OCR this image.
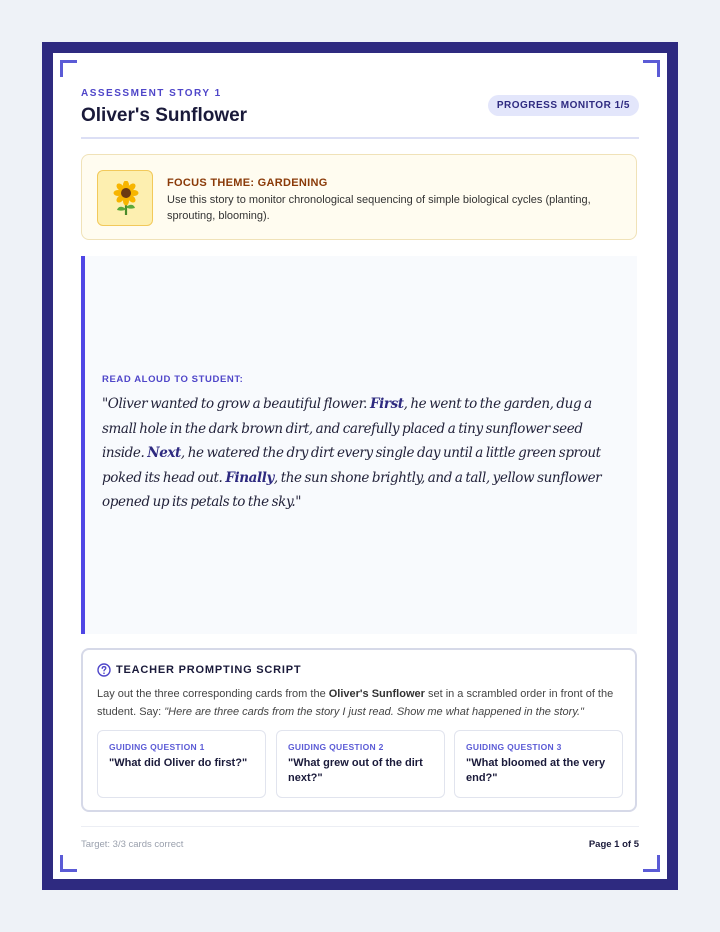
ASSESSMENT STORY 1
Oliver's Sunflower	PROGRESS MONITOR 1/5
FOCUS THEME: GARDENING
Use this story to monitor chronological sequencing of simple biological cycles (planting, sprouting, blooming).
READ ALOUD TO STUDENT:
"Oliver wanted to grow a beautiful flower. First, he went to the garden, dug a small hole in the dark brown dirt, and carefully placed a tiny sunflower seed inside. Next, he watered the dry dirt every single day until a little green sprout poked its head out. Finally, the sun shone brightly, and a tall, yellow sunflower opened up its petals to the sky."
TEACHER PROMPTING SCRIPT
Lay out the three corresponding cards from the Oliver's Sunflower set in a scrambled order in front of the student. Say: "Here are three cards from the story I just read. Show me what happened in the story."
GUIDING QUESTION 1
"What did Oliver do first?"
GUIDING QUESTION 2
"What grew out of the dirt next?"
GUIDING QUESTION 3
"What bloomed at the very end?"
Target: 3/3 cards correct	Page 1 of 5
